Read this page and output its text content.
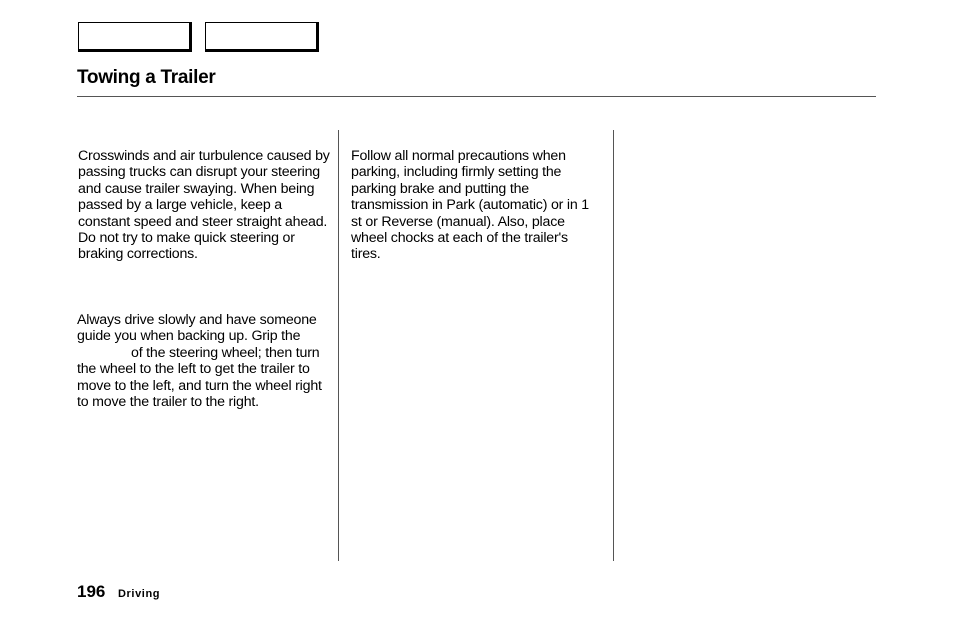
Towing a Trailer

Crosswinds and air turbulence caused by passing trucks can disrupt your steering and cause trailer swaying. When being passed by a large vehicle, keep a constant speed and steer straight ahead. Do not try to make quick steering or braking corrections.

Always drive slowly and have someone guide you when backing up. Grip theof the steering wheel; then turn the wheel to the left to get the trailer to move to the left, and turn the wheel right to move the trailer to the right.

Follow all normal precautions when parking, including firmly setting the parking brake and putting the transmission in Park (automatic) or in 1 st or Reverse (manual). Also, place wheel chocks at each of the trailer's tires.

196 Driving
